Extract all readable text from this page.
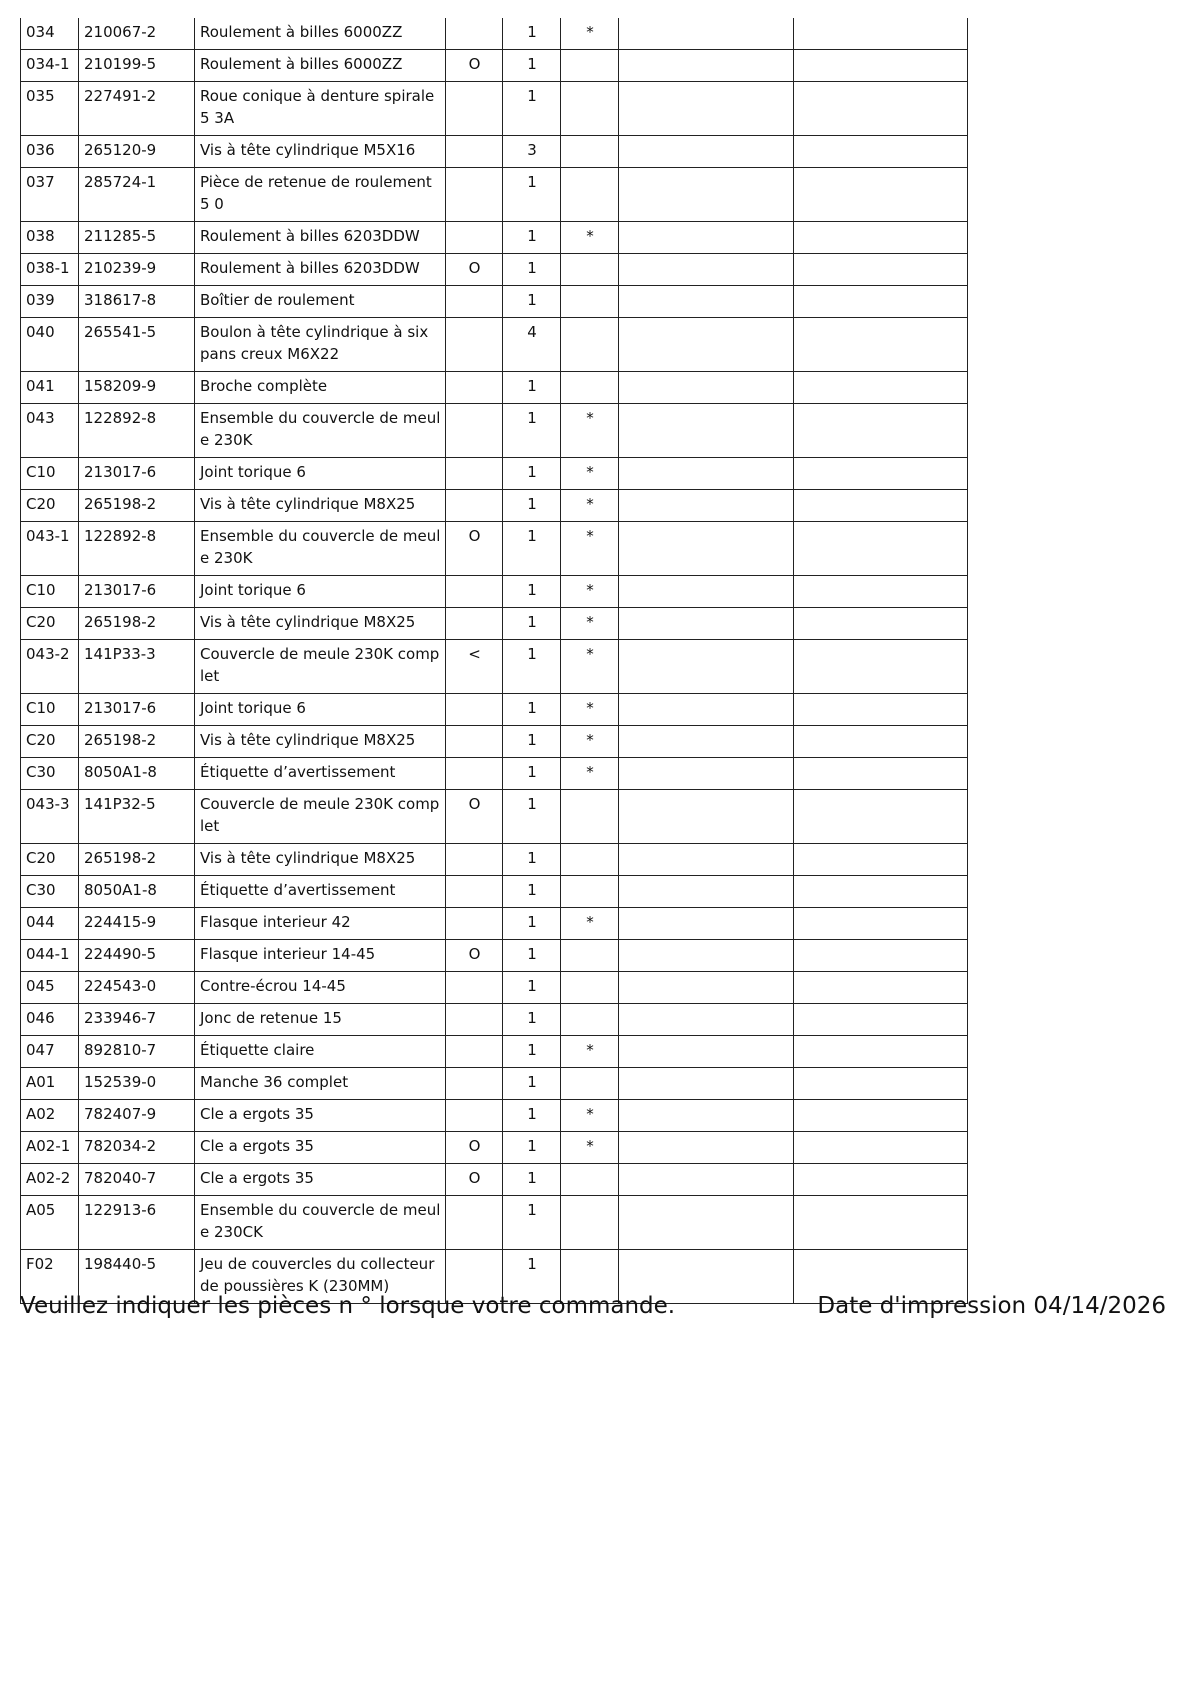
034	210067-2	Roulement à billes 6000ZZ		1	*		
034-1	210199-5	Roulement à billes 6000ZZ	O	1			
035	227491-2	Roue conique à denture spirale 5 3A		1			
036	265120-9	Vis à tête cylindrique M5X16		3			
037	285724-1	Pièce de retenue de roulement 5 0		1			
038	211285-5	Roulement à billes 6203DDW		1	*		
038-1	210239-9	Roulement à billes 6203DDW	O	1			
039	318617-8	Boîtier de roulement		1			
040	265541-5	Boulon à tête cylindrique à six pans creux M6X22		4			
041	158209-9	Broche complète		1			
043	122892-8	Ensemble du couvercle de meule 230K		1	*		
C10	213017-6	Joint torique 6		1	*		
C20	265198-2	Vis à tête cylindrique M8X25		1	*		
043-1	122892-8	Ensemble du couvercle de meule 230K	O	1	*		
C10	213017-6	Joint torique 6		1	*		
C20	265198-2	Vis à tête cylindrique M8X25		1	*		
043-2	141P33-3	Couvercle de meule 230K complet	<	1	*		
C10	213017-6	Joint torique 6		1	*		
C20	265198-2	Vis à tête cylindrique M8X25		1	*		
C30	8050A1-8	Étiquette d’avertissement		1	*		
043-3	141P32-5	Couvercle de meule 230K complet	O	1			
C20	265198-2	Vis à tête cylindrique M8X25		1			
C30	8050A1-8	Étiquette d’avertissement		1			
044	224415-9	Flasque interieur 42		1	*		
044-1	224490-5	Flasque interieur 14-45	O	1			
045	224543-0	Contre-écrou 14-45		1			
046	233946-7	Jonc de retenue 15		1			
047	892810-7	Étiquette claire		1	*		
A01	152539-0	Manche 36 complet		1			
A02	782407-9	Cle a ergots 35		1	*		
A02-1	782034-2	Cle a ergots 35	O	1	*		
A02-2	782040-7	Cle a ergots 35	O	1			
A05	122913-6	Ensemble du couvercle de meule 230CK		1			
F02	198440-5	Jeu de couvercles du collecteur de poussières K (230MM)		1			
Veuillez indiquer les pièces n ° lorsque votre commande.	Date d'impression 04/14/2026
